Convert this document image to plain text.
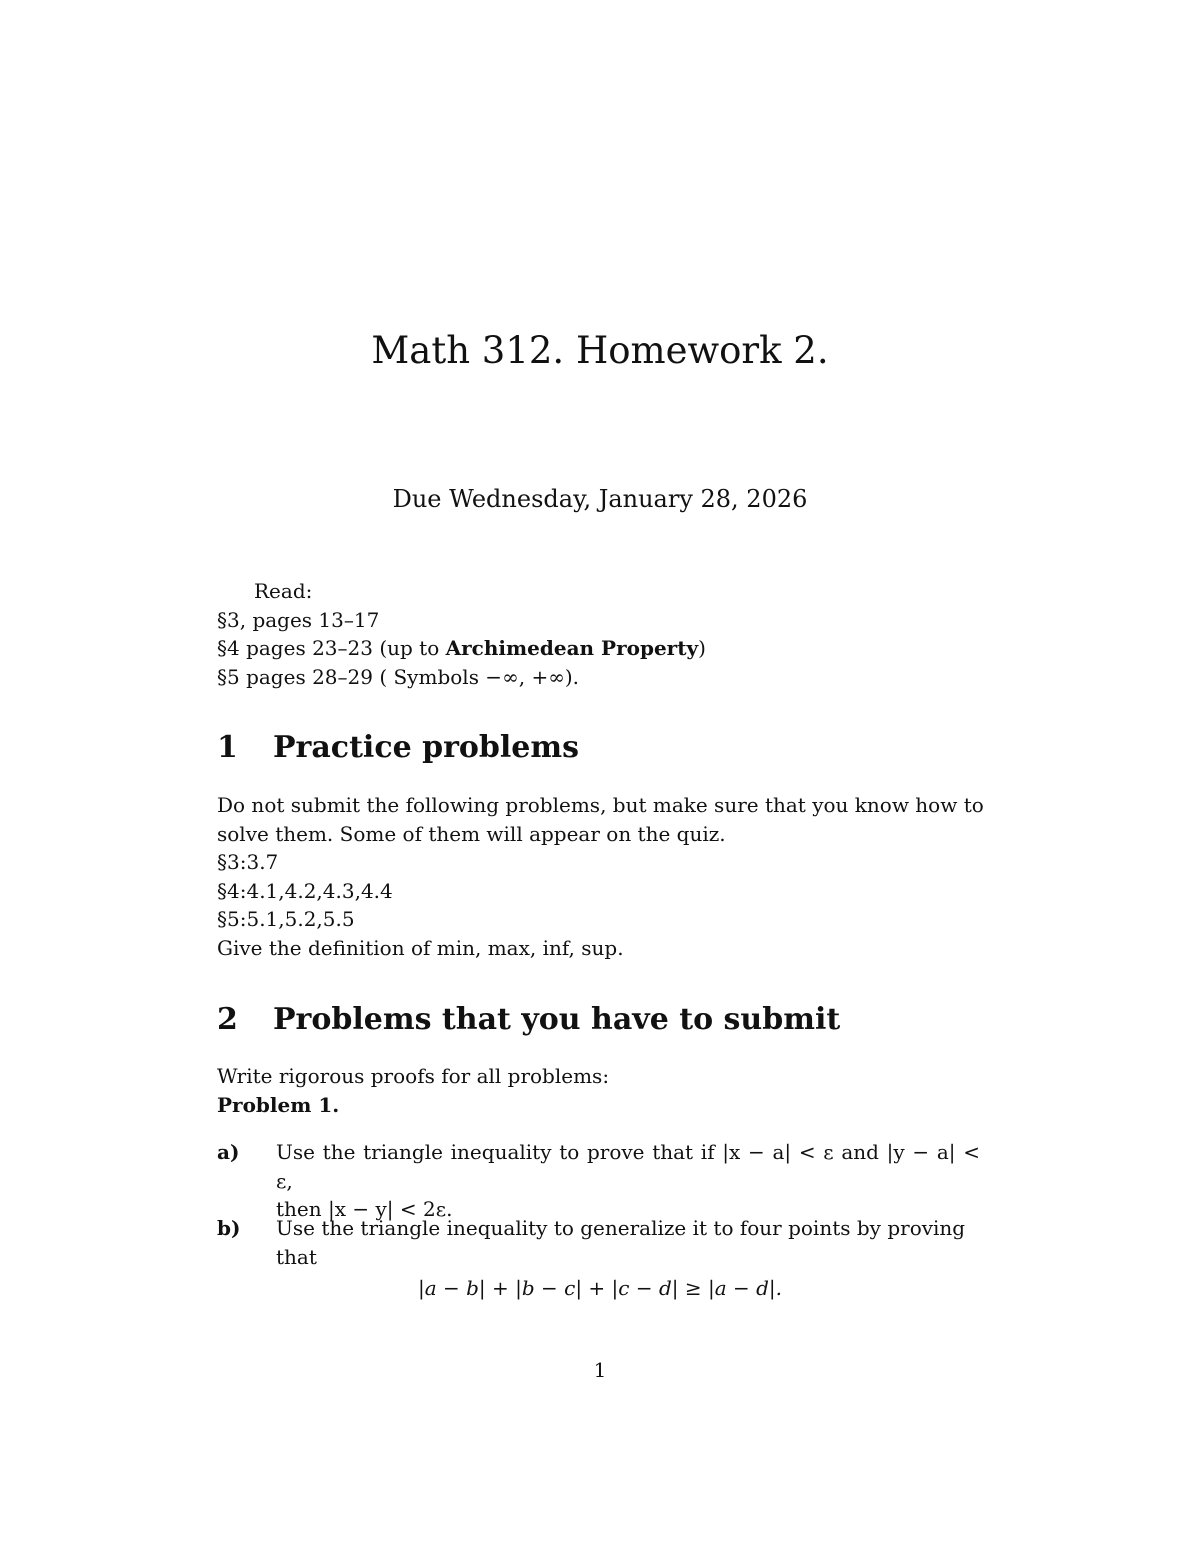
Math 312. Homework 2.
Due Wednesday, January 28, 2026
Read:
§3, pages 13–17
§4 pages 23–23 (up to Archimedean Property)
§5 pages 28–29 ( Symbols −∞, +∞).
1 Practice problems
Do not submit the following problems, but make sure that you know how to solve them. Some of them will appear on the quiz.
§3:3.7
§4:4.1,4.2,4.3,4.4
§5:5.1,5.2,5.5
Give the definition of min, max, inf, sup.
2 Problems that you have to submit
Write rigorous proofs for all problems:
Problem 1.
a) Use the triangle inequality to prove that if |x − a| < ε and |y − a| < ε,
then |x − y| < 2ε.
b) Use the triangle inequality to generalize it to four points by proving
that
|a − b| + |b − c| + |c − d| ≥ |a − d|.
1
